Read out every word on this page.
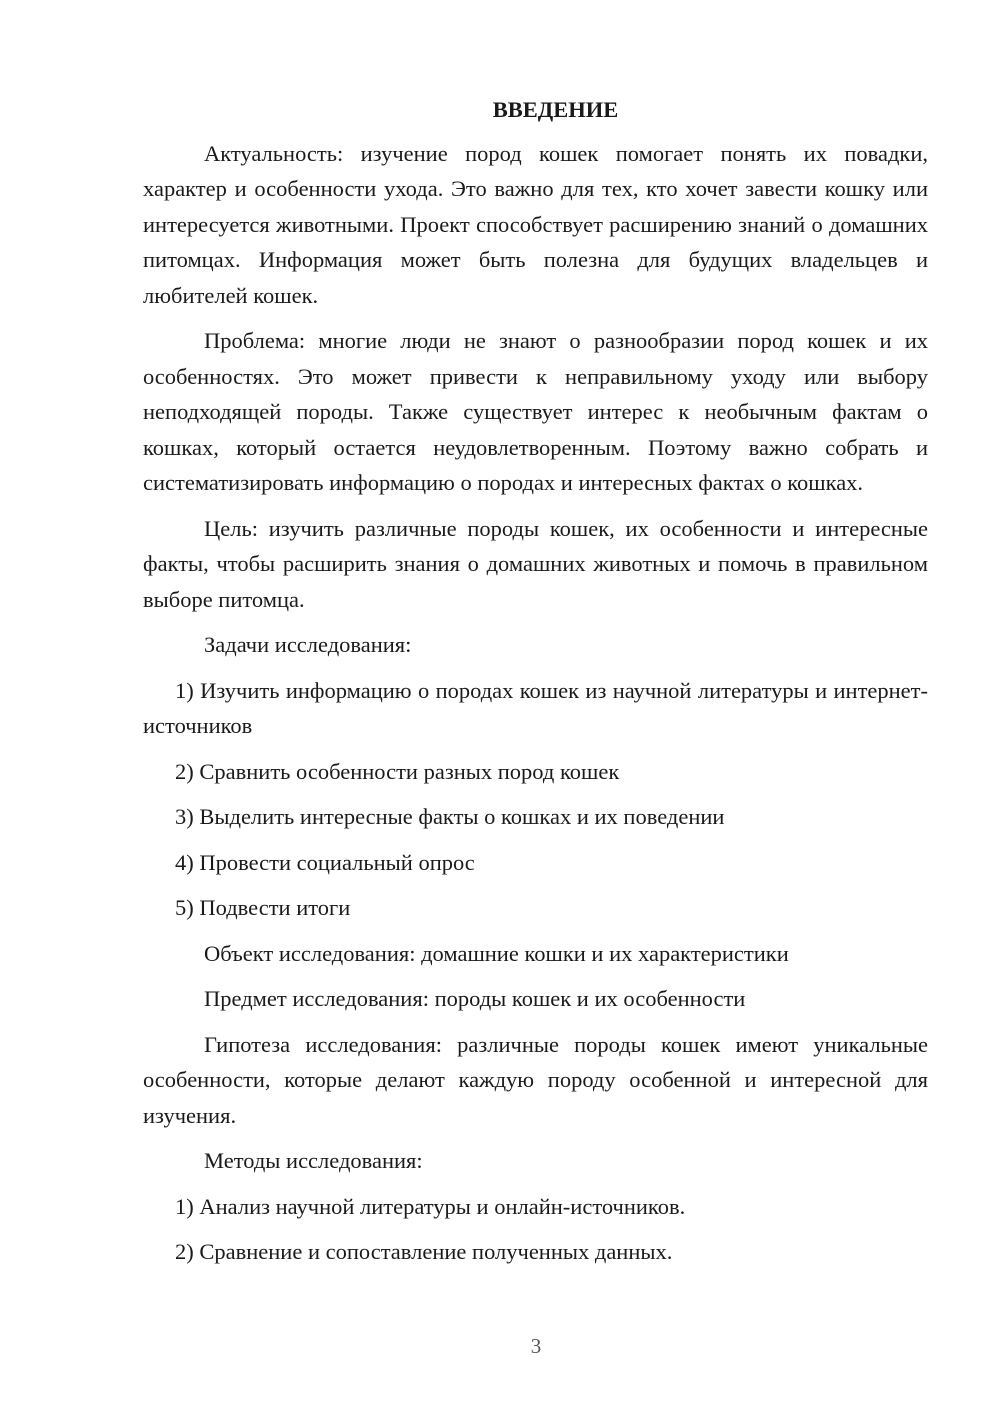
ВВЕДЕНИЕ

Актуальность: изучение пород кошек помогает понять их повадки, характер и особенности ухода. Это важно для тех, кто хочет завести кошку или интересуется животными. Проект способствует расширению знаний о домашних питомцах. Информация может быть полезна для будущих владельцев и любителей кошек.

Проблема: многие люди не знают о разнообразии пород кошек и их особенностях. Это может привести к неправильному уходу или выбору неподходящей породы. Также существует интерес к необычным фактам о кошках, который остается неудовлетворенным. Поэтому важно собрать и систематизировать информацию о породах и интересных фактах о кошках.

Цель: изучить различные породы кошек, их особенности и интересные факты, чтобы расширить знания о домашних животных и помочь в правильном выборе питомца.

Задачи исследования:
1) Изучить информацию о породах кошек из научной литературы и интернет-источников
2) Сравнить особенности разных пород кошек
3) Выделить интересные факты о кошках и их поведении
4) Провести социальный опрос
5) Подвести итоги
Объект исследования: домашние кошки и их характеристики
Предмет исследования: породы кошек и их особенности

Гипотеза исследования: различные породы кошек имеют уникальные особенности, которые делают каждую породу особенной и интересной для изучения.

Методы исследования:
1) Анализ научной литературы и онлайн-источников.
2) Сравнение и сопоставление полученных данных.
3
